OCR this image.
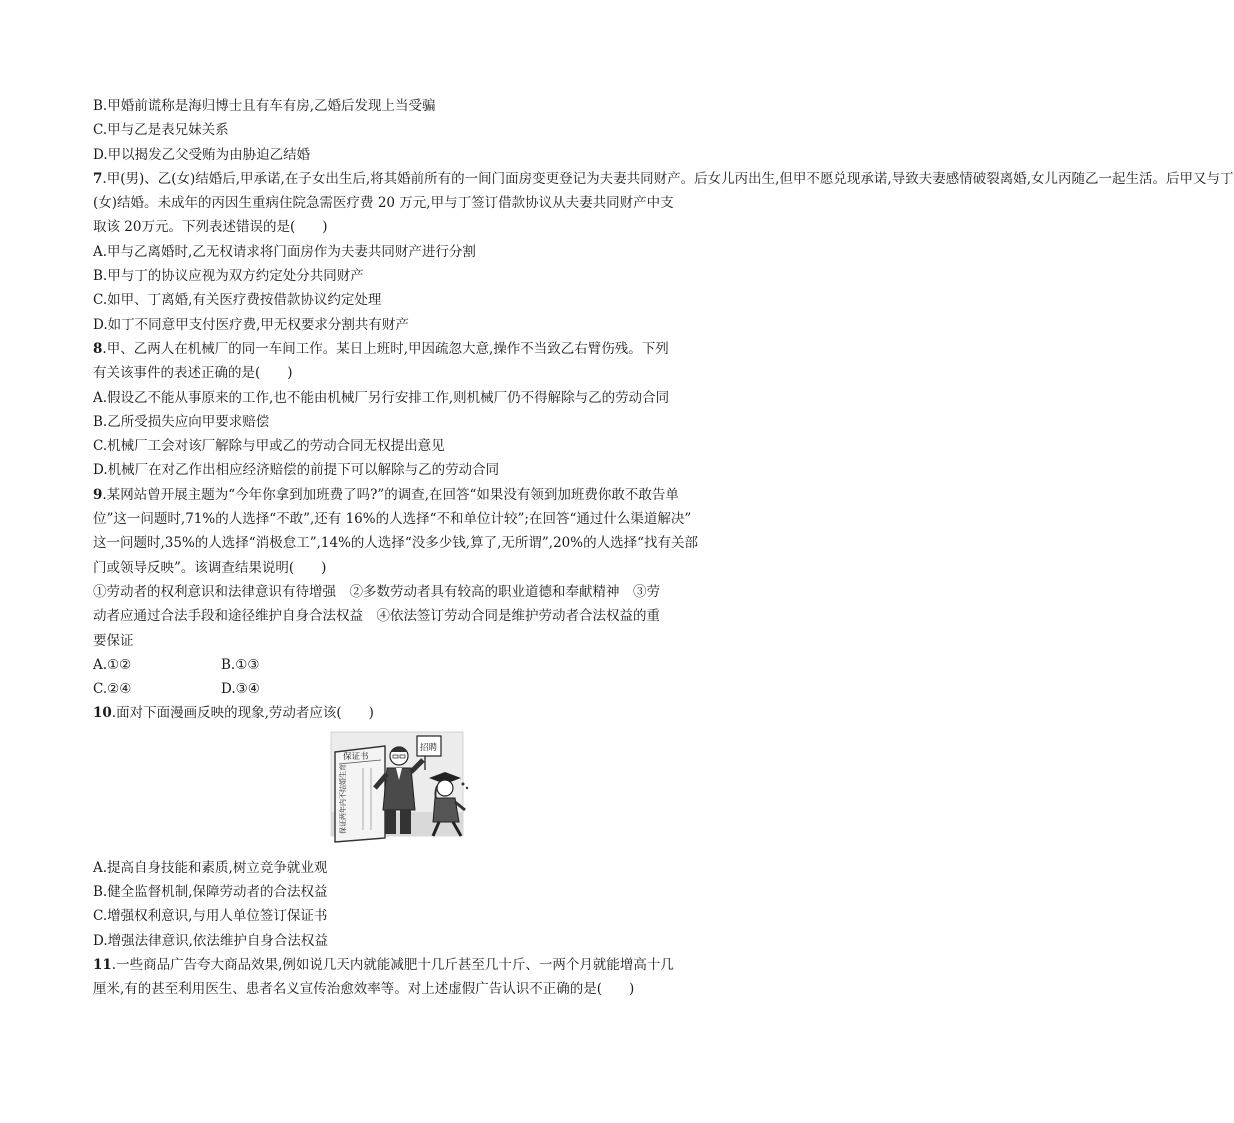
B.甲婚前谎称是海归博士且有车有房,乙婚后发现上当受骗
C.甲与乙是表兄妹关系
D.甲以揭发乙父受贿为由胁迫乙结婚
7.甲(男)、乙(女)结婚后,甲承诺,在子女出生后,将其婚前所有的一间门面房变更登记为夫妻共同财产。后女儿丙出生,但甲不愿兑现承诺,导致夫妻感情破裂离婚,女儿丙随乙一起生活。后甲又与丁
(女)结婚。未成年的丙因生重病住院急需医疗费 20 万元,甲与丁签订借款协议从夫妻共同财产中支
取该 20万元。下列表述错误的是(　　)
A.甲与乙离婚时,乙无权请求将门面房作为夫妻共同财产进行分割
B.甲与丁的协议应视为双方约定处分共同财产
C.如甲、丁离婚,有关医疗费按借款协议约定处理
D.如丁不同意甲支付医疗费,甲无权要求分割共有财产
8.甲、乙两人在机械厂的同一车间工作。某日上班时,甲因疏忽大意,操作不当致乙右臂伤残。下列
有关该事件的表述正确的是(　　)
A.假设乙不能从事原来的工作,也不能由机械厂另行安排工作,则机械厂仍不得解除与乙的劳动合同
B.乙所受损失应向甲要求赔偿
C.机械厂工会对该厂解除与甲或乙的劳动合同无权提出意见
D.机械厂在对乙作出相应经济赔偿的前提下可以解除与乙的劳动合同
9.某网站曾开展主题为“今年你拿到加班费了吗?”的调查,在回答“如果没有领到加班费你敢不敢告单
位”这一问题时,71%的人选择“不敢”,还有 16%的人选择“不和单位计较”;在回答“通过什么渠道解决”
这一问题时,35%的人选择“消极怠工”,14%的人选择“没多少钱,算了,无所谓”,20%的人选择“找有关部
门或领导反映”。该调查结果说明(　　)
①劳动者的权利意识和法律意识有待增强　②多数劳动者具有较高的职业道德和奉献精神　③劳
动者应通过合法手段和途径维护自身合法权益　④依法签订劳动合同是维护劳动者合法权益的重
要保证
A.①②	B.①③
C.②④	D.③④
10.面对下面漫画反映的现象,劳动者应该(　　)
保证书
保证两年内不结婚生育
招聘
A.提高自身技能和素质,树立竞争就业观
B.健全监督机制,保障劳动者的合法权益
C.增强权利意识,与用人单位签订保证书
D.增强法律意识,依法维护自身合法权益
11.一些商品广告夸大商品效果,例如说几天内就能减肥十几斤甚至几十斤、一两个月就能增高十几
厘米,有的甚至利用医生、患者名义宣传治愈效率等。对上述虚假广告认识不正确的是(　　)
